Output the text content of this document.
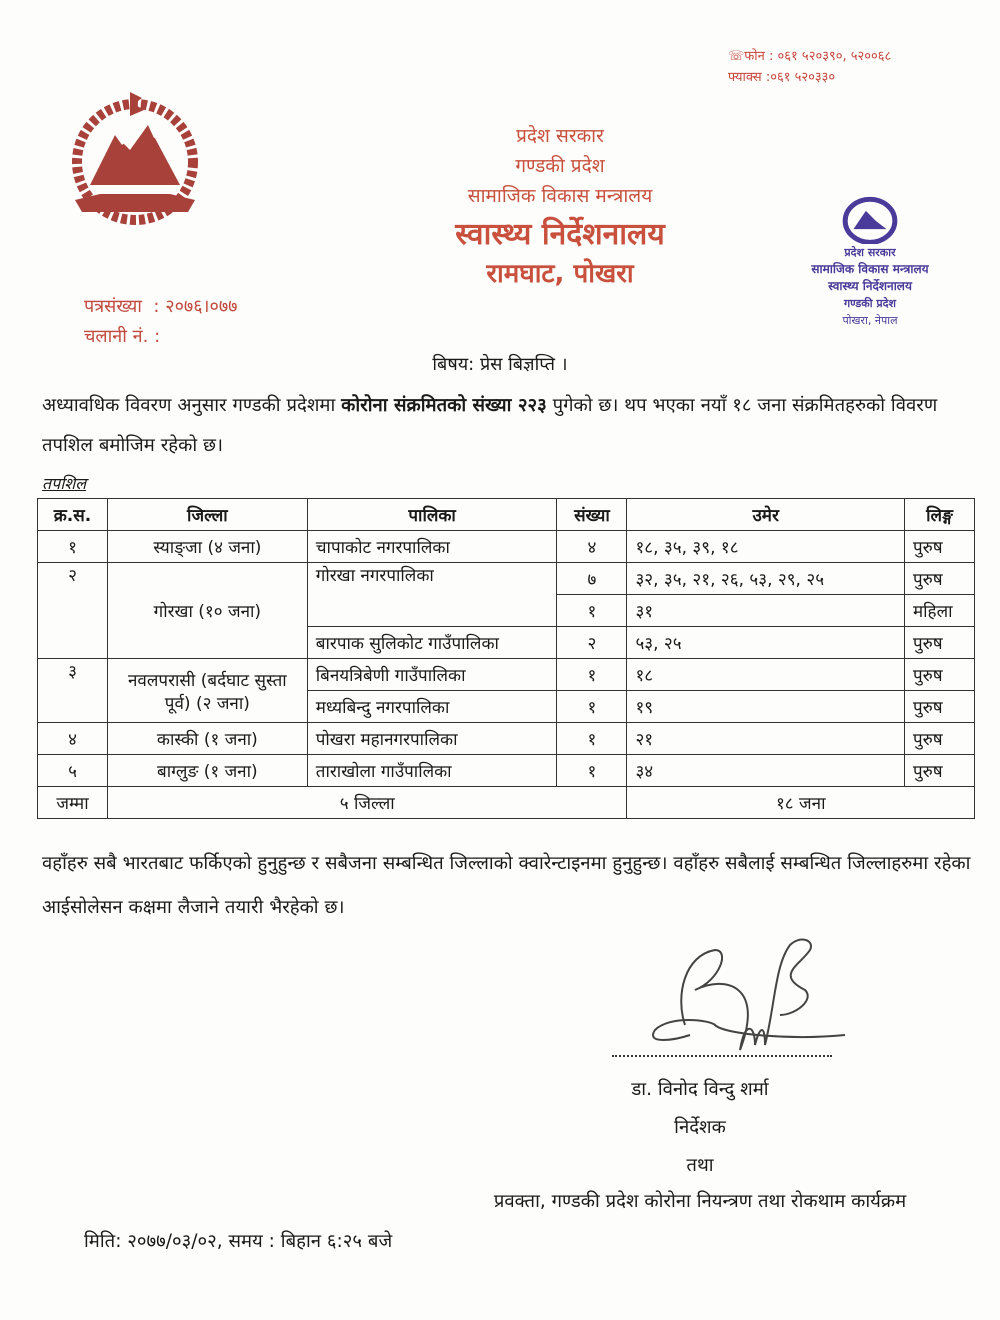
☏फोन : ०६१ ५२०३९०, ५२००६८
फ्याक्स :०६१ ५२०३३०
प्रदेश सरकार
गण्डकी प्रदेश
सामाजिक विकास मन्त्रालय
स्वास्थ्य निर्देशनालय
रामघाट, पोखरा
प्रदेश सरकार
सामाजिक विकास मन्त्रालय
स्वास्थ्य निर्देशनालय
गण्डकी प्रदेश
पोखरा, नेपाल
पत्रसंख्या  : २०७६।०७७
चलानी नं. :
बिषय: प्रेस बिज्ञप्ति ।
अध्यावधिक विवरण अनुसार गण्डकी प्रदेशमा कोरोना संक्रमितको संख्या २२३ पुगेको छ। थप भएका नयाँ १८ जना संक्रमितहरुको विवरण तपशिल बमोजिम रहेको छ।
तपशिल
क्र.स.	जिल्ला	पालिका	संख्या	उमेर	लिङ्ग
१	स्याङ्जा (४ जना)	चापाकोट नगरपालिका	४	१८, ३५, ३९, १८	पुरुष
२	गोरखा (१० जना)	गोरखा नगरपालिका	७	३२, ३५, २१, २६, ५३, २९, २५	पुरुष
			१	३१	महिला
		बारपाक सुलिकोट गाउँपालिका	२	५३, २५	पुरुष
३	नवलपरासी (बर्दघाट सुस्ता पूर्व) (२ जना)	बिनयत्रिबेणी गाउँपालिका	१	१८	पुरुष
		मध्यबिन्दु नगरपालिका	१	१९	पुरुष
४	कास्की (१ जना)	पोखरा महानगरपालिका	१	२१	पुरुष
५	बाग्लुङ (१ जना)	ताराखोला गाउँपालिका	१	३४	पुरुष
जम्मा	५ जिल्ला			१८ जना	
वहाँहरु सबै भारतबाट फर्किएको हुनुहुन्छ र सबैजना सम्बन्धित जिल्लाको क्वारेन्टाइनमा हुनुहुन्छ। वहाँहरु सबैलाई सम्बन्धित जिल्लाहरुमा रहेका आईसोलेसन कक्षमा लैजाने तयारी भैरहेको छ।
डा. विनोद विन्दु शर्मा
निर्देशक
तथा
प्रवक्ता, गण्डकी प्रदेश कोरोना नियन्त्रण तथा रोकथाम कार्यक्रम
मिति: २०७७/०३/०२, समय : बिहान ६:२५ बजे
